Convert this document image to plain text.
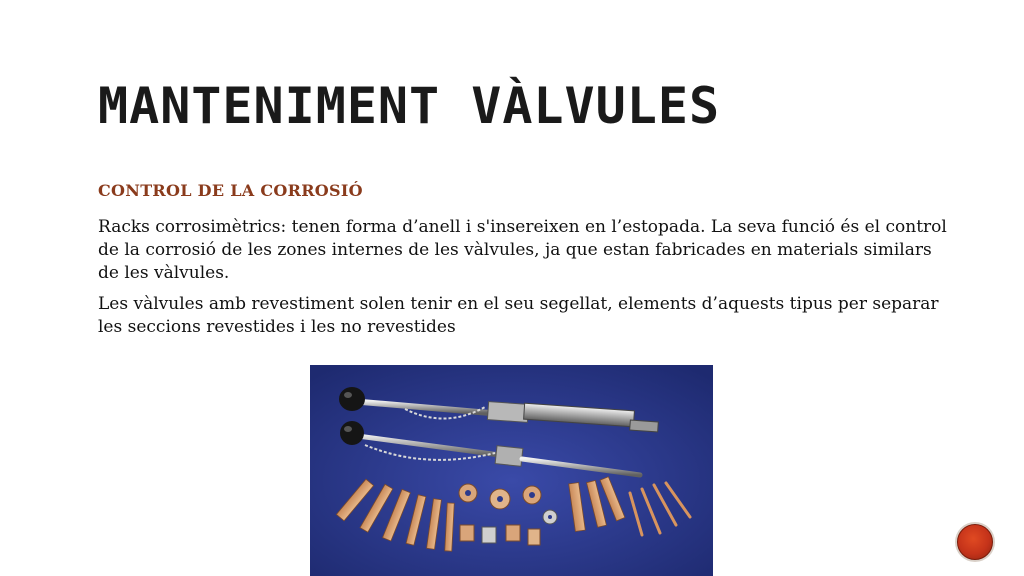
MANTENIMENT VÀLVULES
CONTROL DE LA CORROSIÓ

Racks corrosimètrics: tenen forma d’anell i s'insereixen en l’estopada. La seva funció és el control de la corrosió de les zones internes de les vàlvules, ja que estan fabricades en materials similars de les vàlvules.

Les vàlvules amb revestiment solen tenir en el seu segellat, elements d’aquests tipus per separar les seccions revestides i les no revestides
